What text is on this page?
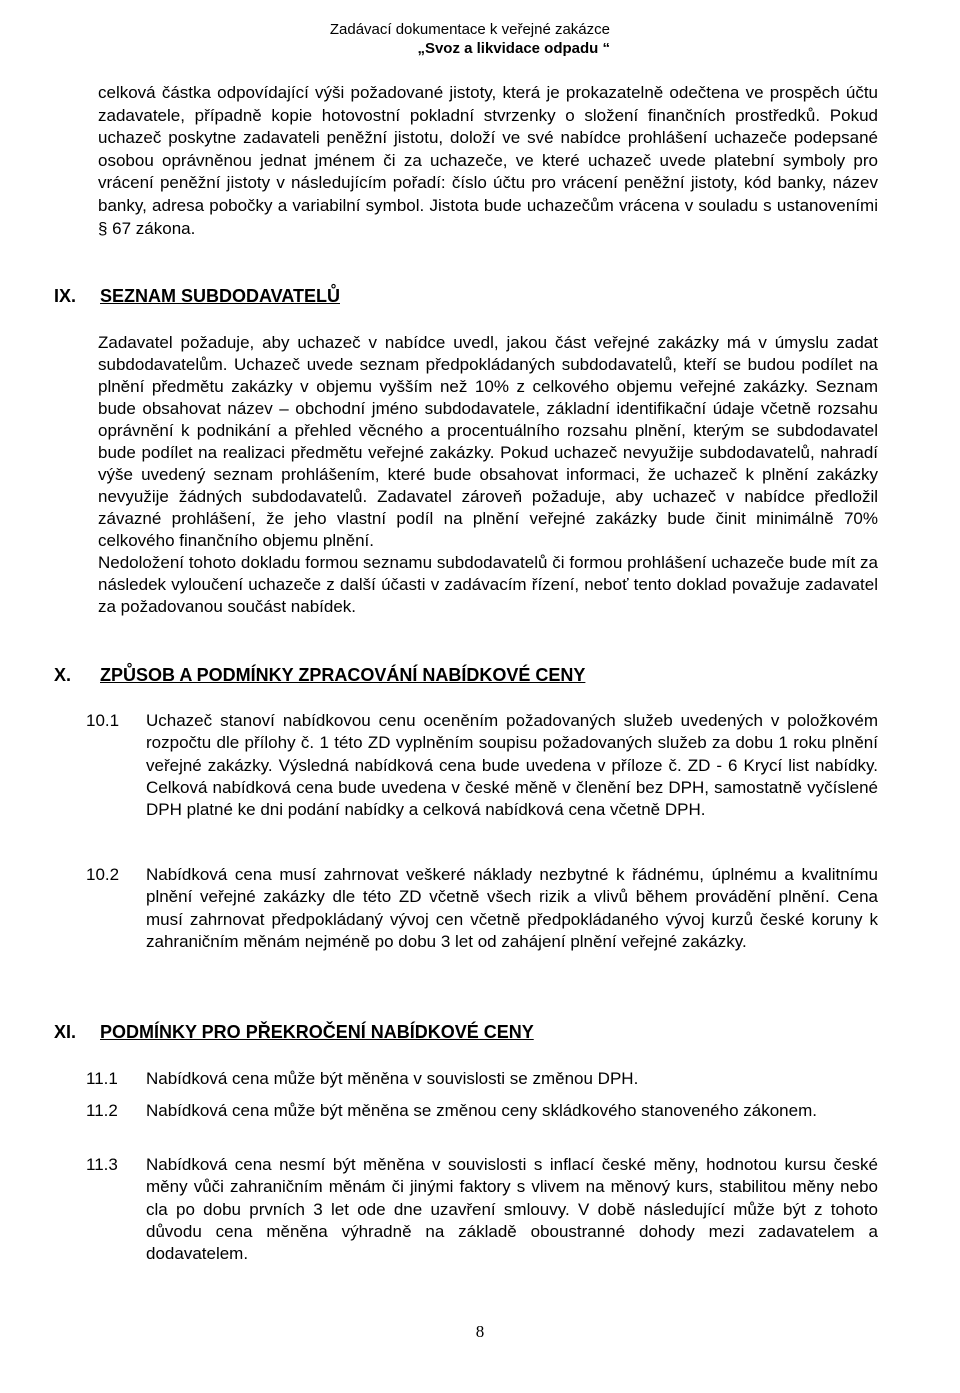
Zadávací dokumentace k veřejné zakázce
„Svoz a likvidace odpadu “
celková částka odpovídající výši požadované jistoty, která je prokazatelně odečtena ve prospěch účtu zadavatele, případně kopie hotovostní pokladní stvrzenky o složení finančních prostředků. Pokud uchazeč poskytne zadavateli peněžní jistotu, doloží ve své nabídce prohlášení uchazeče podepsané osobou oprávněnou jednat jménem či za uchazeče, ve které uchazeč uvede platební symboly pro vrácení peněžní jistoty v následujícím pořadí: číslo účtu pro vrácení peněžní jistoty, kód banky, název banky, adresa pobočky a variabilní symbol. Jistota bude uchazečům vrácena v souladu s ustanoveními § 67 zákona.
IX. SEZNAM SUBDODAVATELŮ
Zadavatel požaduje, aby uchazeč v nabídce uvedl, jakou část veřejné zakázky má v úmyslu zadat subdodavatelům. Uchazeč uvede seznam předpokládaných subdodavatelů, kteří se budou podílet na plnění předmětu zakázky v objemu vyšším než 10% z celkového objemu veřejné zakázky. Seznam bude obsahovat název – obchodní jméno subdodavatele, základní identifikační údaje včetně rozsahu oprávnění k podnikání a přehled věcného a procentuálního rozsahu plnění, kterým se subdodavatel bude podílet na realizaci předmětu veřejné zakázky. Pokud uchazeč nevyužije subdodavatelů, nahradí výše uvedený seznam prohlášením, které bude obsahovat informaci, že uchazeč k plnění zakázky nevyužije žádných subdodavatelů. Zadavatel zároveň požaduje, aby uchazeč v nabídce předložil závazné prohlášení, že jeho vlastní podíl na plnění veřejné zakázky bude činit minimálně 70% celkového finančního objemu plnění.
Nedoložení tohoto dokladu formou seznamu subdodavatelů či formou prohlášení uchazeče bude mít za následek vyloučení uchazeče z další účasti v zadávacím řízení, neboť tento doklad považuje zadavatel za požadovanou součást nabídek.
X. ZPŮSOB A PODMÍNKY ZPRACOVÁNÍ NABÍDKOVÉ CENY
10.1	Uchazeč stanoví nabídkovou cenu oceněním požadovaných služeb uvedených v položkovém rozpočtu dle přílohy č. 1 této ZD vyplněním soupisu požadovaných služeb za dobu 1 roku plnění veřejné zakázky. Výsledná nabídková cena bude uvedena v příloze č. ZD - 6 Krycí list nabídky. Celková nabídková cena bude uvedena v české měně v členění bez DPH, samostatně vyčíslené DPH platné ke dni podání nabídky a celková nabídková cena včetně DPH.
10.2	Nabídková cena musí zahrnovat veškeré náklady nezbytné k řádnému, úplnému a kvalitnímu plnění veřejné zakázky dle této ZD včetně všech rizik a vlivů během provádění plnění. Cena musí zahrnovat předpokládaný vývoj cen včetně předpokládaného vývoj kurzů české koruny k zahraničním měnám nejméně po dobu 3 let od zahájení plnění veřejné zakázky.
XI. PODMÍNKY PRO PŘEKROČENÍ NABÍDKOVÉ CENY
11.1	Nabídková cena může být měněna v souvislosti se změnou DPH.
11.2	Nabídková cena může být měněna se změnou ceny skládkového stanoveného zákonem.
11.3	Nabídková cena nesmí být měněna v souvislosti s inflací české měny, hodnotou kursu české měny vůči zahraničním měnám či jinými faktory s vlivem na měnový kurs, stabilitou měny nebo cla po dobu prvních 3 let ode dne uzavření smlouvy. V době následující může být z tohoto důvodu cena měněna výhradně na základě oboustranné dohody mezi zadavatelem a dodavatelem.
8
